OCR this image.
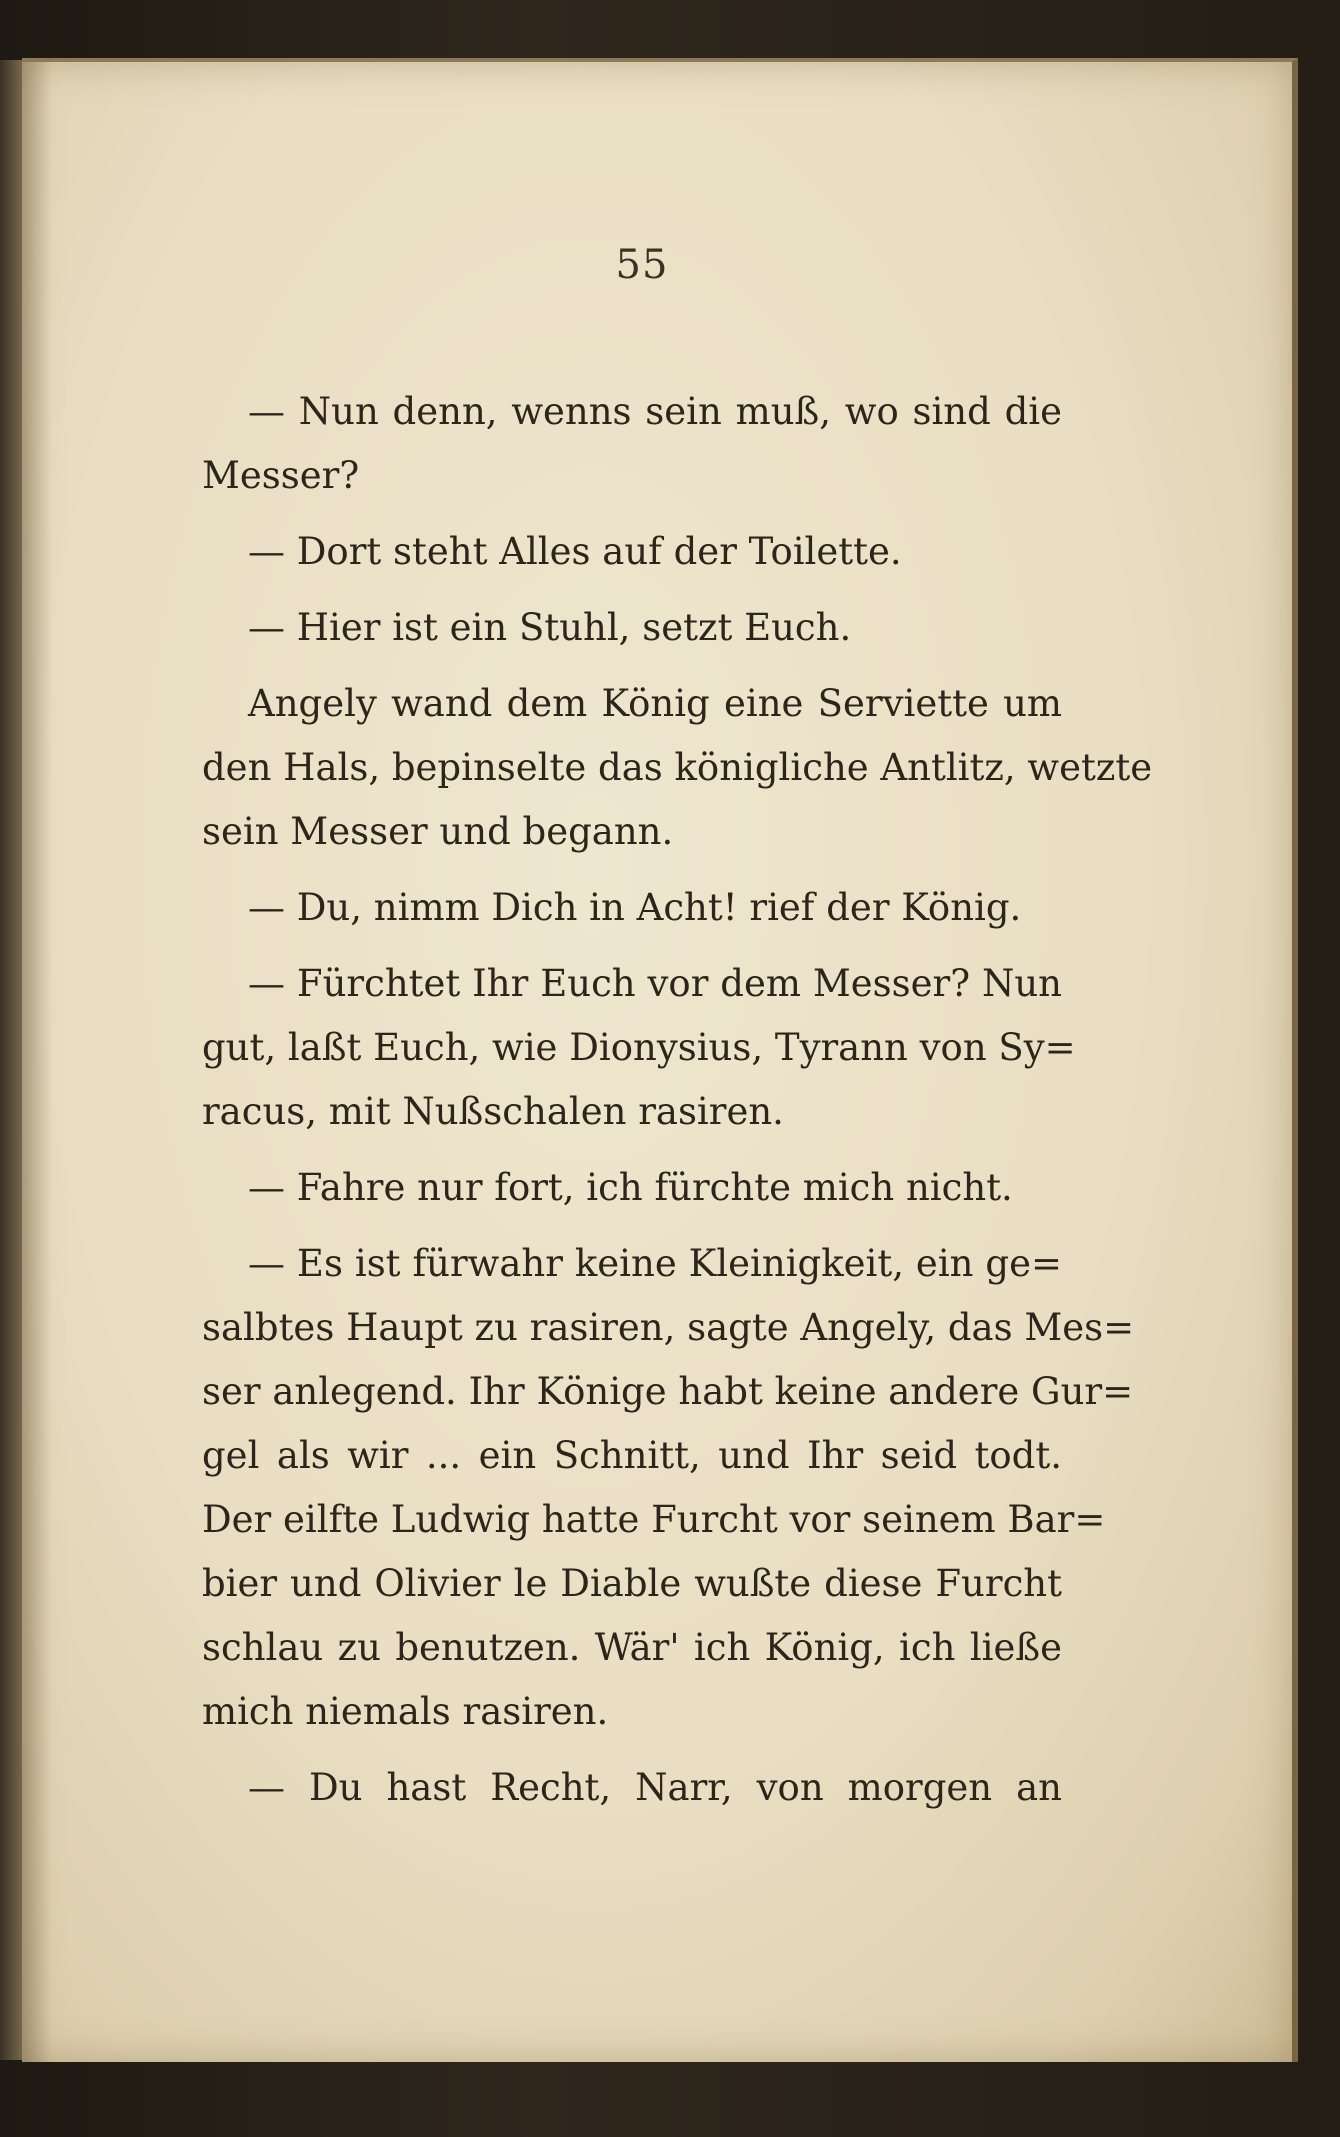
55
— Nun denn, wenns sein muß, wo sind die
Messer?
— Dort steht Alles auf der Toilette.
— Hier ist ein Stuhl, setzt Euch.
Angely wand dem König eine Serviette um
den Hals, bepinselte das königliche Antlitz, wetzte
sein Messer und begann.
— Du, nimm Dich in Acht! rief der König.
— Fürchtet Ihr Euch vor dem Messer? Nun
gut, laßt Euch, wie Dionysius, Tyrann von Sy=
racus, mit Nußschalen rasiren.
— Fahre nur fort, ich fürchte mich nicht.
— Es ist fürwahr keine Kleinigkeit, ein ge=
salbtes Haupt zu rasiren, sagte Angely, das Mes=
ser anlegend. Ihr Könige habt keine andere Gur=
gel als wir ... ein Schnitt, und Ihr seid todt.
Der eilfte Ludwig hatte Furcht vor seinem Bar=
bier und Olivier le Diable wußte diese Furcht
schlau zu benutzen. Wär' ich König, ich ließe
mich niemals rasiren.
— Du hast Recht, Narr, von morgen an
